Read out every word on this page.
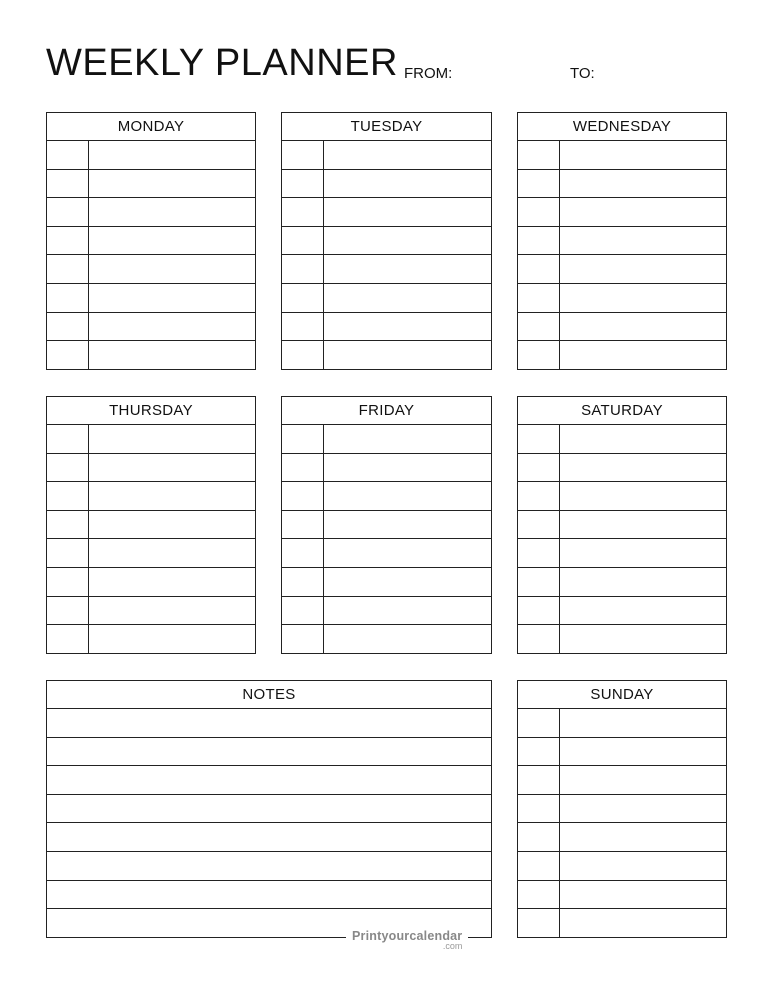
WEEKLY PLANNER FROM:	TO:
MONDAY	TUESDAY	WEDNESDAY
THURSDAY	FRIDAY	SATURDAY
NOTES	SUNDAY
Printyourcalendar
.com
